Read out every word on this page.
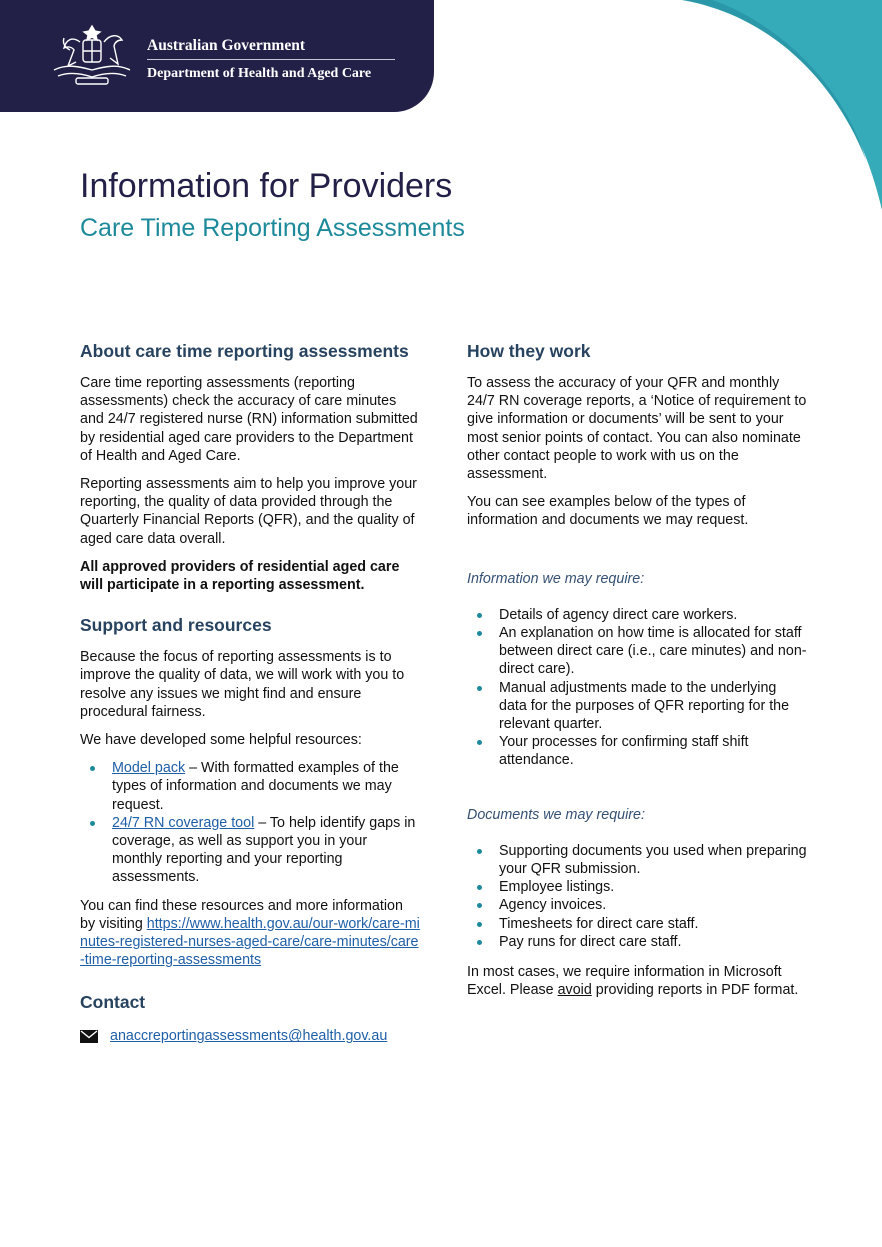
Australian Government
Department of Health and Aged Care
Information for Providers
Care Time Reporting Assessments
About care time reporting assessments

Care time reporting assessments (reporting assessments) check the accuracy of care minutes and 24/7 registered nurse (RN) information submitted by residential aged care providers to the Department of Health and Aged Care.

Reporting assessments aim to help you improve your reporting, the quality of data provided through the Quarterly Financial Reports (QFR), and the quality of aged care data overall.

All approved providers of residential aged care will participate in a reporting assessment.

Support and resources

Because the focus of reporting assessments is to improve the quality of data, we will work with you to resolve any issues we might find and ensure procedural fairness.

We have developed some helpful resources:

Model pack – With formatted examples of the types of information and documents we may request.
24/7 RN coverage tool – To help identify gaps in coverage, as well as support you in your monthly reporting and your reporting assessments.

You can find these resources and more information by visiting https://www.health.gov.au/our-work/care-minutes-registered-nurses-aged-care/care-minutes/care-time-reporting-assessments

Contact
anaccreportingassessments@health.gov.au
How they work

To assess the accuracy of your QFR and monthly 24/7 RN coverage reports, a ‘Notice of requirement to give information or documents’ will be sent to your most senior points of contact. You can also nominate other contact people to work with us on the assessment.

You can see examples below of the types of information and documents we may request.

Information we may require:

Details of agency direct care workers.
An explanation on how time is allocated for staff between direct care (i.e., care minutes) and non-direct care).
Manual adjustments made to the underlying data for the purposes of QFR reporting for the relevant quarter.
Your processes for confirming staff shift attendance.

Documents we may require:

Supporting documents you used when preparing your QFR submission.
Employee listings.
Agency invoices.
Timesheets for direct care staff.
Pay runs for direct care staff.

In most cases, we require information in Microsoft Excel. Please avoid providing reports in PDF format.
